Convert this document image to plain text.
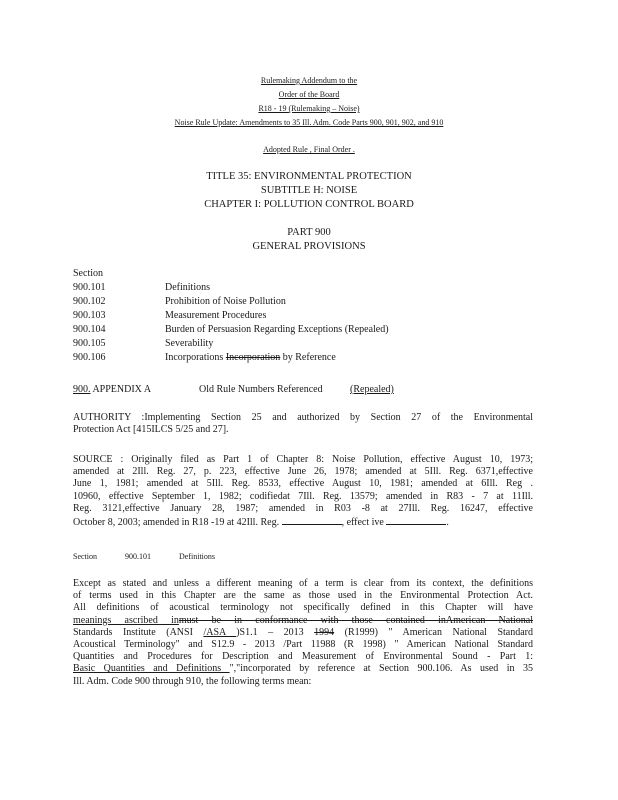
Rulemaking Addendum to the
Order of the Board
R18 - 19 (Rulemaking – Noise)
Noise Rule Update: Amendments to 35 Ill. Adm. Code Parts 900, 901, 902, and 910
Adopted Rule , Final Order .
TITLE 35: ENVIRONMENTAL PROTECTION
SUBTITLE H: NOISE
CHAPTER I: POLLUTION CONTROL BOARD
PART 900
GENERAL PROVISIONS
Section
900.101	Definitions
900.102	Prohibition of Noise Pollution
900.103	Measurement Procedures
900.104	Burden of Persuasion Regarding Exceptions (Repealed)
900.105	Severability
900.106	Incorporations Incorporation by Reference
900. APPENDIX A	Old Rule Numbers Referenced	(Repealed)
AUTHORITY :Implementing Section 25 and authorized by Section 27 of the Environmental
Protection Act [415ILCS 5/25 and 27].
SOURCE : Originally filed as Part 1 of Chapter 8: Noise Pollution, effective August 10, 1973;
amended at 2Ill. Reg. 27, p. 223, effective June 26, 1978; amended at 5Ill. Reg. 6371,effective
June 1, 1981; amended at 5Ill. Reg. 8533, effective August 10, 1981; amended at 6Ill. Reg .
10960, effective September 1, 1982; codifiedat 7Ill. Reg. 13579; amended in R83 - 7 at 11Ill.
Reg. 3121,effective January 28, 1987; amended in R03 -8 at 27Ill. Reg. 16247, effective
October 8, 2003; amended in R18 -19 at 42Ill. Reg.	, effect ive	.
Section	900.101	Definitions
Except as stated and unless a different meaning of a term is clear from its context, the definitions
of terms used in this Chapter are the same as those used in the Environmental Protection Act.
All definitions of acoustical terminology not specifically defined in this Chapter will have
meanings ascribed inmust be in conformance with those contained inAmerican National
Standards Institute (ANSI /ASA )S1.1 – 2013 1994 (R1999) " American National Standard
Acoustical Terminology" and S12.9 - 2013 /Part 11988 (R 1998) " American National Standard
Quantities and Procedures for Description and Measurement of Environmental Sound - Part 1:
Basic Quantities and Definitions ","incorporated by reference at Section 900.106. As used in 35
Ill. Adm. Code 900 through 910, the following terms mean:
